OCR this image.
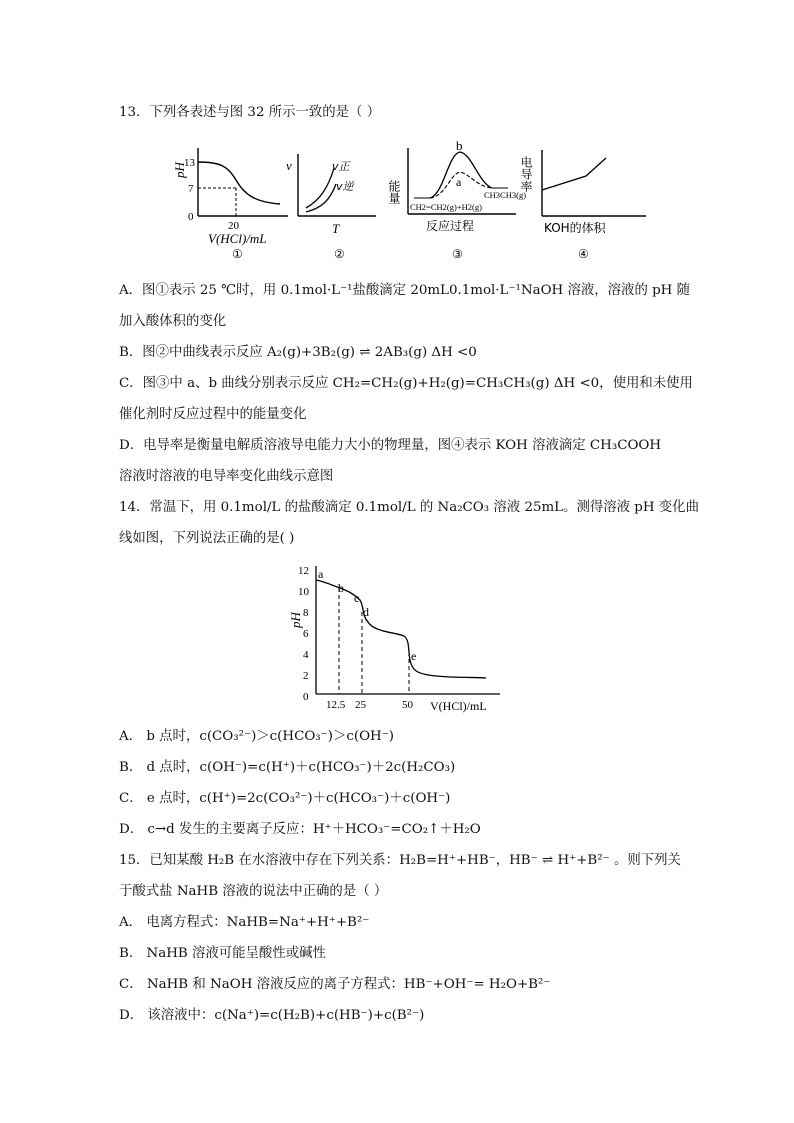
13．下列各表述与图 32 所示一致的是（ ）
pH
13
7
0
20
V(HCl)/mL
①
v	v正
v逆
T
②
能量
b
a
CH3CH3(g)
CH2=CH2(g)+H2(g)
反应过程
③
电导率
KOH的体积
④
A．图①表示 25 ℃时，用 0.1mol·L⁻¹盐酸滴定 20mL0.1mol·L⁻¹NaOH 溶液，溶液的 pH 随
加入酸体积的变化
B．图②中曲线表示反应 A₂(g)+3B₂(g) ⇌ 2AB₃(g) ΔH <0
C．图③中 a、b 曲线分别表示反应 CH₂=CH₂(g)+H₂(g)=CH₃CH₃(g) ΔH <0，使用和未使用
催化剂时反应过程中的能量变化
D．电导率是衡量电解质溶液导电能力大小的物理量，图④表示 KOH 溶液滴定 CH₃COOH
溶液时溶液的电导率变化曲线示意图
14．常温下，用 0.1mol/L 的盐酸滴定 0.1mol/L 的 Na₂CO₃ 溶液 25mL。测得溶液 pH 变化曲
线如图，下列说法正确的是( )
12
10
8
6
4
2
0
pH
a
b
c
d
e
12.5 25	50 V(HCl)/mL
A． b 点时，c(CO₃²⁻)＞c(HCO₃⁻)＞c(OH⁻)
B． d 点时，c(OH⁻)=c(H⁺)＋c(HCO₃⁻)＋2c(H₂CO₃)
C． e 点时，c(H⁺)=2c(CO₃²⁻)＋c(HCO₃⁻)＋c(OH⁻)
D． c→d 发生的主要离子反应：H⁺＋HCO₃⁻=CO₂↑＋H₂O
15．已知某酸 H₂B 在水溶液中存在下列关系：H₂B=H⁺+HB⁻，HB⁻ ⇌ H⁺+B²⁻ 。则下列关
于酸式盐 NaHB 溶液的说法中正确的是（ ）
A． 电离方程式：NaHB=Na⁺+H⁺+B²⁻
B． NaHB 溶液可能呈酸性或碱性
C． NaHB 和 NaOH 溶液反应的离子方程式：HB⁻+OH⁻= H₂O+B²⁻
D． 该溶液中：c(Na⁺)=c(H₂B)+c(HB⁻)+c(B²⁻)
